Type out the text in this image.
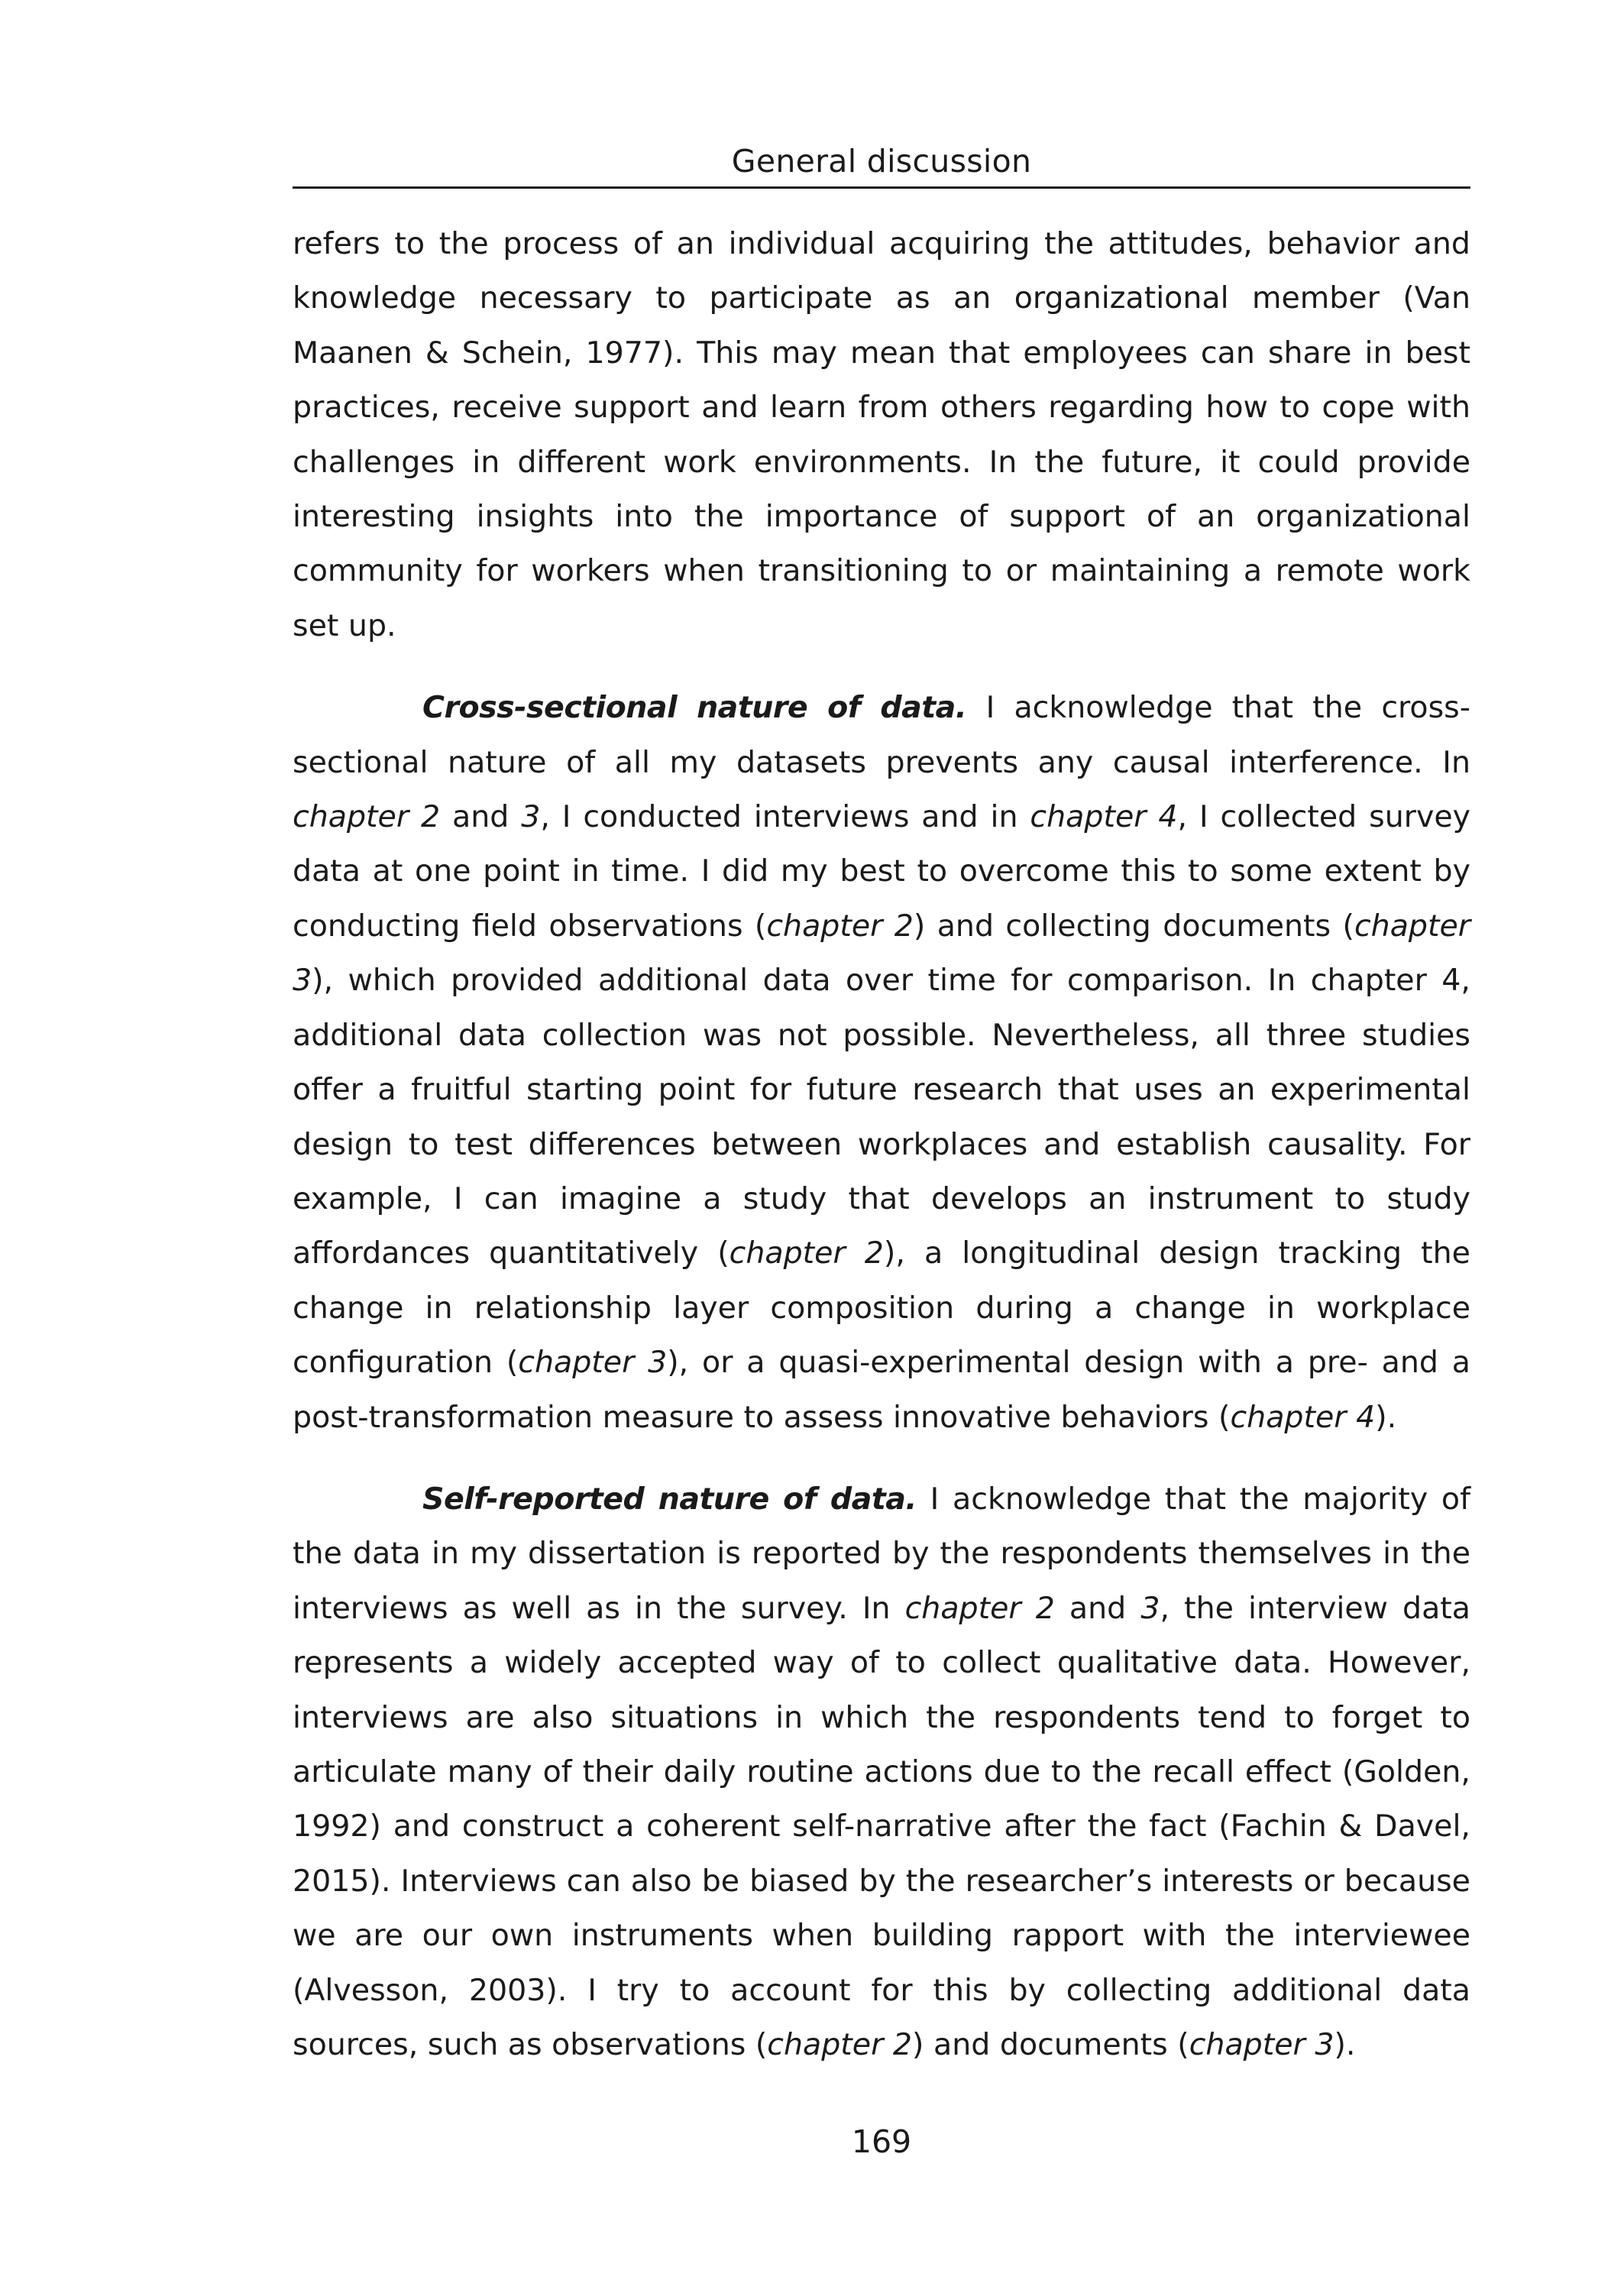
General discussion

refers to the process of an individual acquiring the attitudes, behavior and knowledge necessary to participate as an organizational member (Van Maanen & Schein, 1977). This may mean that employees can share in best practices, receive support and learn from others regarding how to cope with challenges in different work environments. In the future, it could provide interesting insights into the importance of support of an organizational community for workers when transitioning to or maintaining a remote work set up.

Cross-sectional nature of data. I acknowledge that the cross-sectional nature of all my datasets prevents any causal interference. In chapter 2 and 3, I conducted interviews and in chapter 4, I collected survey data at one point in time. I did my best to overcome this to some extent by conducting field observations (chapter 2) and collecting documents (chapter 3), which provided additional data over time for comparison. In chapter 4, additional data collection was not possible. Nevertheless, all three studies offer a fruitful starting point for future research that uses an experimental design to test differences between workplaces and establish causality. For example, I can imagine a study that develops an instrument to study affordances quantitatively (chapter 2), a longitudinal design tracking the change in relationship layer composition during a change in workplace configuration (chapter 3), or a quasi-experimental design with a pre- and a post-transformation measure to assess innovative behaviors (chapter 4).

Self-reported nature of data. I acknowledge that the majority of the data in my dissertation is reported by the respondents themselves in the interviews as well as in the survey. In chapter 2 and 3, the interview data represents a widely accepted way of to collect qualitative data. However, interviews are also situations in which the respondents tend to forget to articulate many of their daily routine actions due to the recall effect (Golden, 1992) and construct a coherent self-narrative after the fact (Fachin & Davel, 2015). Interviews can also be biased by the researcher’s interests or because we are our own instruments when building rapport with the interviewee (Alvesson, 2003). I try to account for this by collecting additional data sources, such as observations (chapter 2) and documents (chapter 3).

169
